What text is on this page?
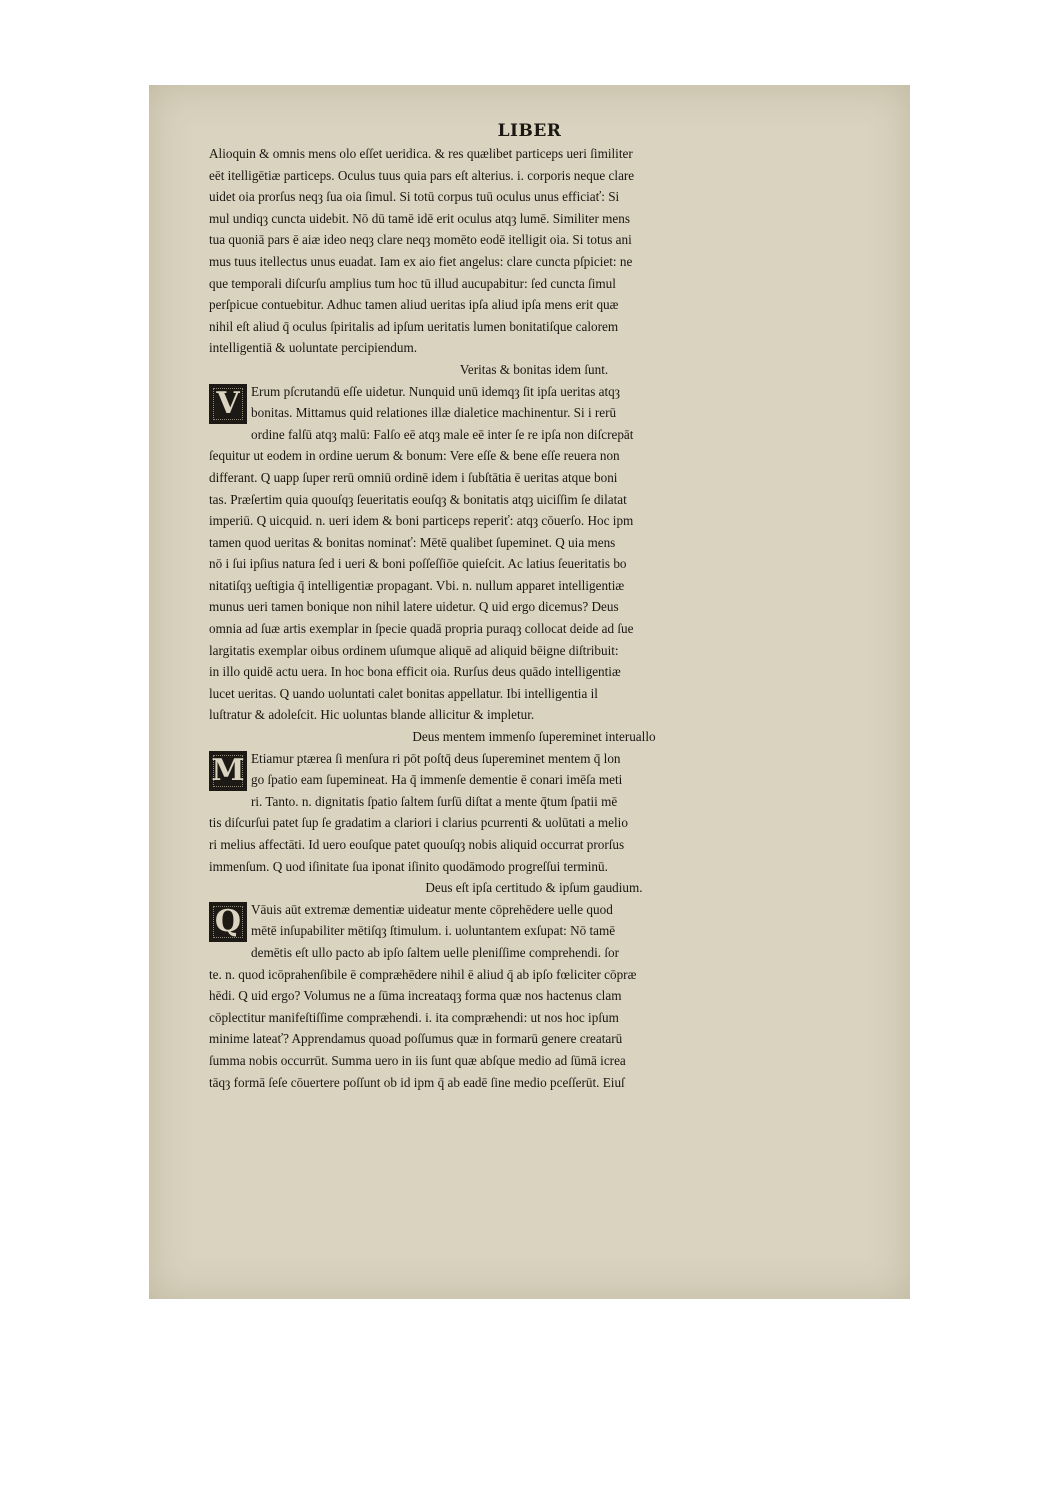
LIBER
Alioquin & omnis mens olo eſſet ueridica. & res quælibet particeps ueri ſimiliter
eēt itelligētiæ particeps. Oculus tuus quia pars eſt alterius. i. corporis neque clare
uidet oia prorſus neqȝ ſua oia ſimul. Si totū corpus tuū oculus unus efficiať: Si
mul undiqȝ cuncta uidebit. Nō dū tamē idē erit oculus atqȝ lumē. Similiter mens
tua quoniā pars ē aiæ ideo neqȝ clare neqȝ momēto eodē itelligit oia. Si totus ani
mus tuus itellectus unus euadat. Iam ex aio fiet angelus: clare cuncta pſpiciet: ne
que temporali diſcurſu amplius tum hoc tū illud aucupabitur: ſed cuncta ſimul
perſpicue contuebitur. Adhuc tamen aliud ueritas ipſa aliud ipſa mens erit quæ
nihil eſt aliud q̄ oculus ſpiritalis ad ipſum ueritatis lumen bonitatiſque calorem
intelligentiā & uoluntate percipiendum.
Veritas & bonitas idem ſunt.
V Erum pſcrutandū eſſe uidetur. Nunquid unū idemqȝ ſit ipſa ueritas atqȝ
bonitas. Mittamus quid relationes illæ dialetice machinentur. Si i rerū
ordine falſū atqȝ malū: Falſo eē atqȝ male eē inter ſe re ipſa non diſcrepāt
ſequitur ut eodem in ordine uerum & bonum: Vere eſſe & bene eſſe reuera non
differant. Q uapp ſuper rerū omniū ordinē idem i ſubſtātia ē ueritas atque boni
tas. Præſertim quia quouſqȝ ſeueritatis eouſqȝ & bonitatis atqȝ uiciſſim ſe dilatat
imperiū. Q uicquid. n. ueri idem & boni particeps reperiť: atqȝ cōuerſo. Hoc ipm
tamen quod ueritas & bonitas nominať: Mētē qualibet ſupeminet. Q uia mens
nō i ſui ipſius natura ſed i ueri & boni poſſeſſiōe quieſcit. Ac latius ſeueritatis bo
nitatiſqȝ ueſtigia q̄ intelligentiæ propagant. Vbi. n. nullum apparet intelligentiæ
munus ueri tamen bonique non nihil latere uidetur. Q uid ergo dicemus? Deus
omnia ad ſuæ artis exemplar in ſpecie quadā propria puraqȝ collocat deide ad ſue
largitatis exemplar oibus ordinem uſumque aliquē ad aliquid bēigne diſtribuit:
in illo quidē actu uera. In hoc bona efficit oia. Rurſus deus quādo intelligentiæ
lucet ueritas. Q uando uoluntati calet bonitas appellatur. Ibi intelligentia il
luſtratur & adoleſcit. Hic uoluntas blande allicitur & impletur.
Deus mentem immenſo ſupereminet interuallo
M Etiamur ptærea ſi menſura ri pōt poſtq̄ deus ſupereminet mentem q̄ lon
go ſpatio eam ſupemineat. Ha q̄ immenſe dementie ē conari imēſa meti
ri. Tanto. n. dignitatis ſpatio ſaltem ſurſū diſtat a mente q̄tum ſpatii mē
tis diſcurſui patet ſup ſe gradatim a clariori i clarius pcurrenti & uolūtati a melio
ri melius affectāti. Id uero eouſque patet quouſqȝ nobis aliquid occurrat prorſus
immenſum. Q uod iſinitate ſua iponat iſinito quodāmodo progreſſui terminū.
Deus eſt ipſa certitudo & ipſum gaudium.
Q Vāuis aūt extremæ dementiæ uideatur mente cōprehēdere uelle quod
mētē inſupabiliter mētiſqȝ ſtimulum. i. uoluntantem exſupat: Nō tamē
demētis eſt ullo pacto ab ipſo ſaltem uelle pleniſſime comprehendi. ſor
te. n. quod icōprahenſibile ē compræhēdere nihil ē aliud q̄ ab ipſo fœliciter cōpræ
hēdi. Q uid ergo? Volumus ne a ſūma increataqȝ forma quæ nos hactenus clam
cōplectitur manifeſtiſſime compræhendi. i. ita compræhendi: ut nos hoc ipſum
minime lateať? Apprendamus quoad poſſumus quæ in formarū genere creatarū
ſumma nobis occurrūt. Summa uero in iis ſunt quæ abſque medio ad ſūmā icrea
tāqȝ formā ſeſe cōuertere poſſunt ob id ipm q̄ ab eadē ſine medio pceſſerūt. Eiuſ
